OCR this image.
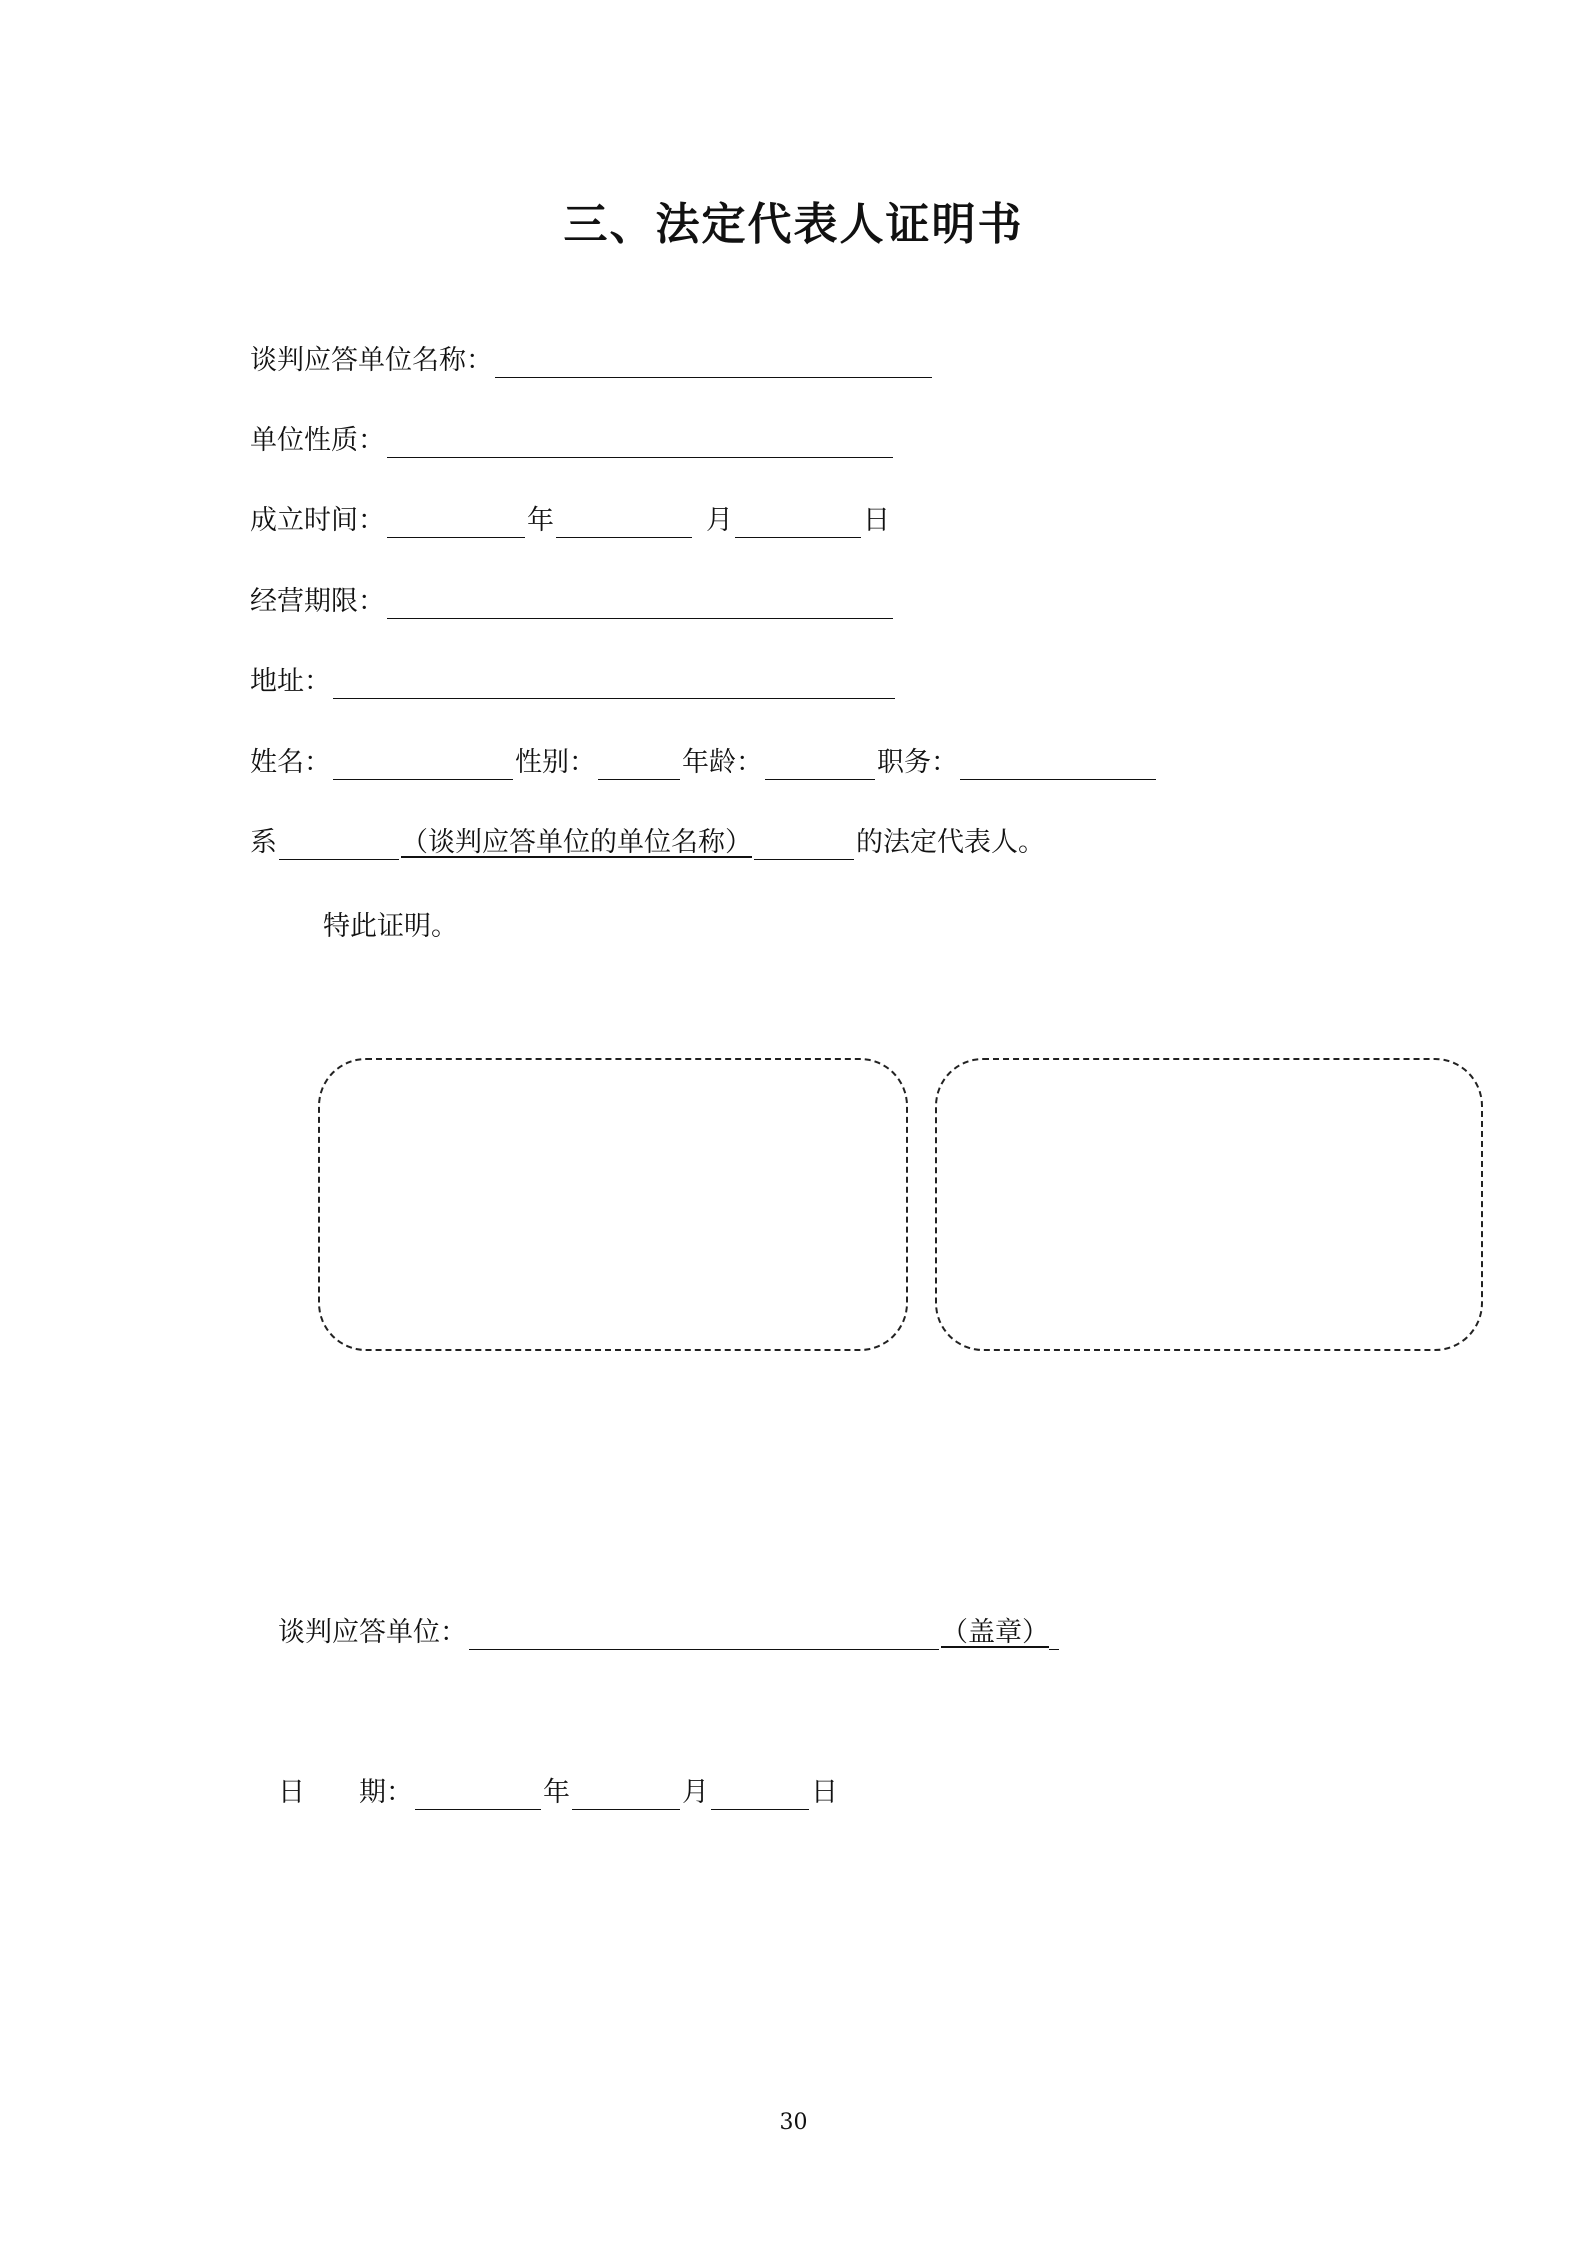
三、法定代表人证明书
谈判应答单位名称：
单位性质：
成立时间：	年	月	日
经营期限：
地址：
姓名：	性别：	年龄：	职务：
系	（谈判应答单位的单位名称）	的法定代表人。
特此证明。
谈判应答单位：	（盖章）
日 期：	年	月	日
30
